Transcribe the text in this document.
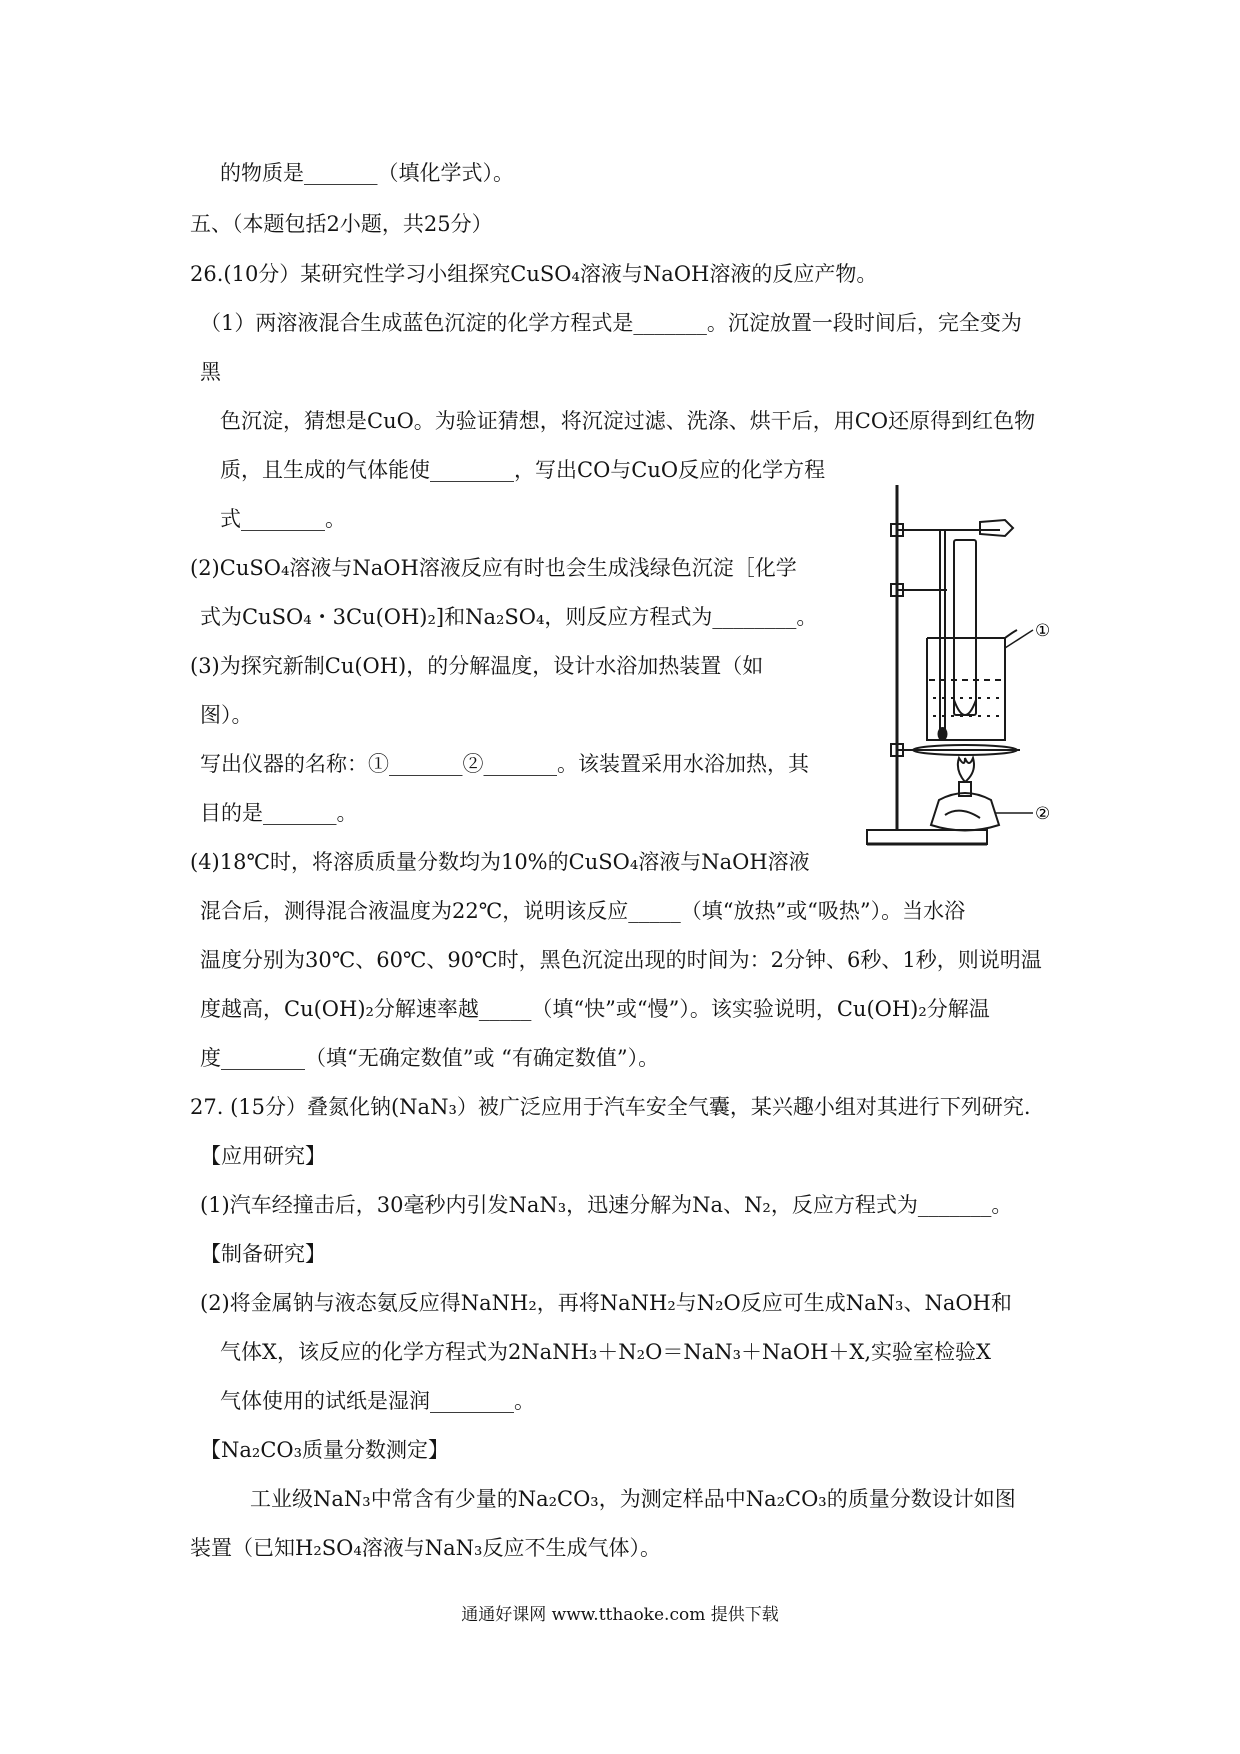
的物质是_______（填化学式）。
五、（本题包括2小题，共25分）
26.(10分）某研究性学习小组探究CuSO₄溶液与NaOH溶液的反应产物。
（1）两溶液混合生成蓝色沉淀的化学方程式是_______。沉淀放置一段时间后，完全变为
黑
色沉淀，猜想是CuO。为验证猜想，将沉淀过滤、洗涤、烘干后，用CO还原得到红色物
质，且生成的气体能使________，写出CO与CuO反应的化学方程
式________。
(2)CuSO₄溶液与NaOH溶液反应有时也会生成浅绿色沉淀［化学
式为CuSO₄・3Cu(OH)₂]和Na₂SO₄，则反应方程式为________。
(3)为探究新制Cu(OH)，的分解温度，设计水浴加热装置（如
图）。
写出仪器的名称：①_______②_______。该装置采用水浴加热，其
目的是_______。
(4)18℃时，将溶质质量分数均为10%的CuSO₄溶液与NaOH溶液
混合后，测得混合液温度为22℃，说明该反应_____（填“放热”或“吸热”）。当水浴
温度分别为30℃、60℃、90℃时，黑色沉淀出现的时间为：2分钟、6秒、1秒，则说明温
度越高，Cu(OH)₂分解速率越_____（填“快”或“慢”）。该实验说明，Cu(OH)₂分解温
度________（填“无确定数值”或 “有确定数值”）。
27. (15分）叠氮化钠(NaN₃）被广泛应用于汽车安全气囊，某兴趣小组对其进行下列研究.
【应用研究】
(1)汽车经撞击后，30毫秒内引发NaN₃，迅速分解为Na、N₂，反应方程式为_______。
【制备研究】
(2)将金属钠与液态氨反应得NaNH₂，再将NaNH₂与N₂O反应可生成NaN₃、NaOH和
气体X，该反应的化学方程式为2NaNH₃＋N₂O＝NaN₃＋NaOH＋X,实验室检验X
气体使用的试纸是湿润________。
【Na₂CO₃质量分数测定】
工业级NaN₃中常含有少量的Na₂CO₃，为测定样品中Na₂CO₃的质量分数设计如图
装置（已知H₂SO₄溶液与NaN₃反应不生成气体）。
①
②
通通好课网 www.tthaoke.com 提供下载
